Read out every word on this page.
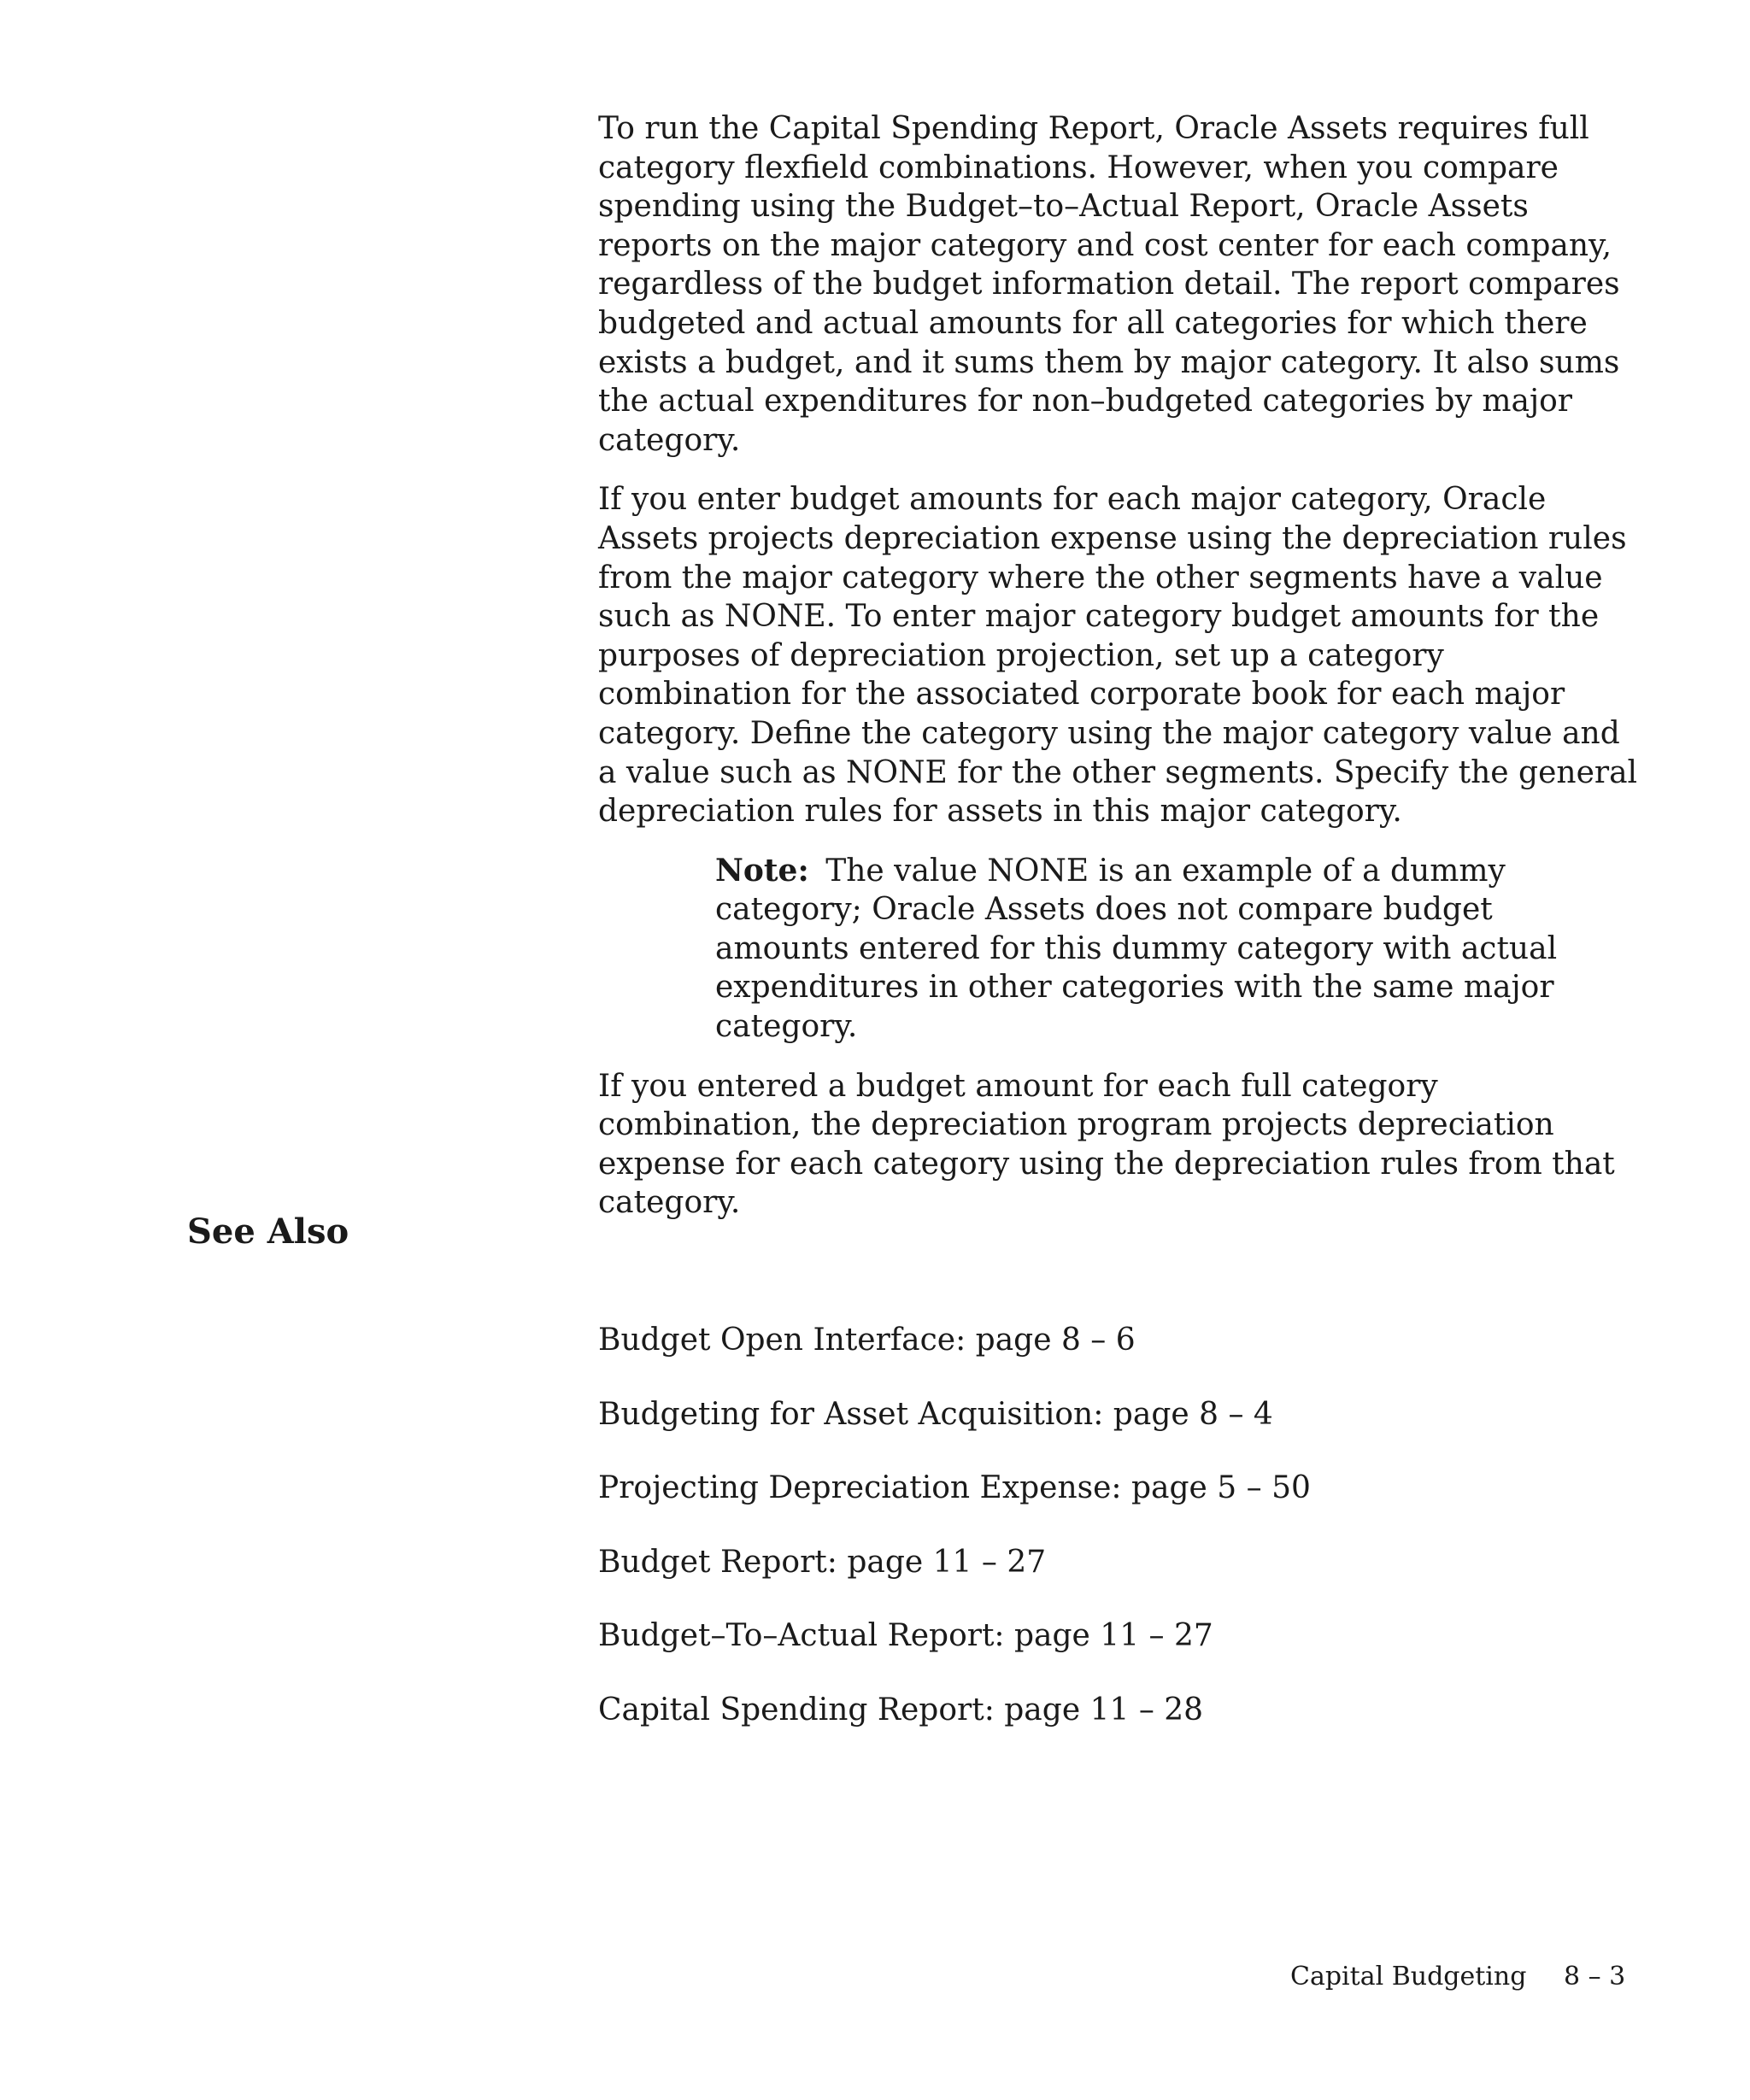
To run the Capital Spending Report, Oracle Assets requires full category flexfield combinations. However, when you compare spending using the Budget–to–Actual Report, Oracle Assets reports on the major category and cost center for each company, regardless of the budget information detail. The report compares budgeted and actual amounts for all categories for which there exists a budget, and it sums them by major category. It also sums the actual expenditures for non–budgeted categories by major category.

If you enter budget amounts for each major category, Oracle Assets projects depreciation expense using the depreciation rules from the major category where the other segments have a value such as NONE. To enter major category budget amounts for the purposes of depreciation projection, set up a category combination for the associated corporate book for each major category. Define the category using the major category value and a value such as NONE for the other segments. Specify the general depreciation rules for assets in this major category.

Note: The value NONE is an example of a dummy category; Oracle Assets does not compare budget amounts entered for this dummy category with actual expenditures in other categories with the same major category.

If you entered a budget amount for each full category combination, the depreciation program projects depreciation expense for each category using the depreciation rules from that category.

See Also
Budget Open Interface: page 8 – 6
Budgeting for Asset Acquisition: page 8 – 4
Projecting Depreciation Expense: page 5 – 50
Budget Report: page 11 – 27
Budget–To–Actual Report: page 11 – 27
Capital Spending Report: page 11 – 28
Capital Budgeting 8 – 3
